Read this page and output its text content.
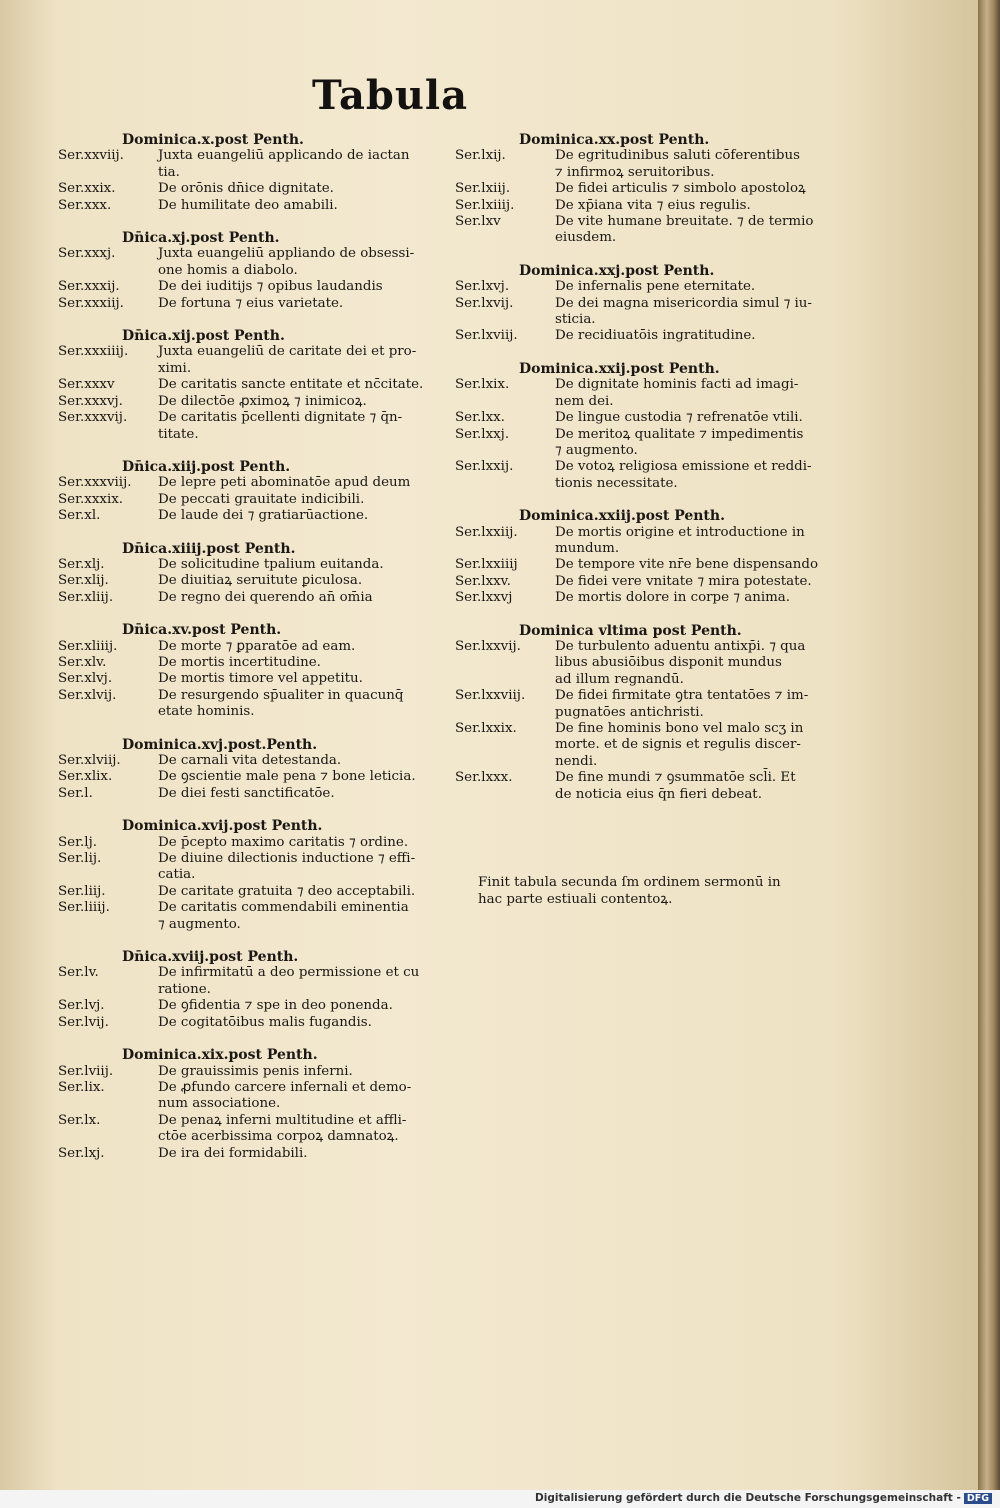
Tabula
Dominica.x.post Penth.
Ser.xxviij.	Juxta euangeliū applicando de iactan
tia.
Ser.xxix.	De orōnis dn̄ice dignitate.
Ser.xxx.	De humilitate deo amabili.
Dn̄ica.xj.post Penth.
Ser.xxxj.	Juxta euangeliū appliando de obsessi-
one homis a diabolo.
Ser.xxxij.	De dei iuditijs ⁊ opibus laudandis
Ser.xxxiij.	De fortuna ⁊ eius varietate.
Dn̄ica.xij.post Penth.
Ser.xxxiiij.	Juxta euangeliū de caritate dei et pro-
ximi.
Ser.xxxv	De caritatis sancte entitate et nc̄citate.
Ser.xxxvj.	De dilectōe ꝓximoꝝ ⁊ inimicoꝝ.
Ser.xxxvij.	De caritatis p̄cellenti dignitate ⁊ q̄n-
titate.
Dn̄ica.xiij.post Penth.
Ser.xxxviij.	De lepre peti abominatōe apud deum
Ser.xxxix.	De peccati grauitate indicibili.
Ser.xl.	De laude dei ⁊ gratiarūactione.
Dn̄ica.xiiij.post Penth.
Ser.xlj.	De solicitudine tpalium euitanda.
Ser.xlij.	De diuitiaꝝ seruitute ꝑiculosa.
Ser.xliij.	De regno dei querendo an̄ om̄ia
Dn̄ica.xv.post Penth.
Ser.xliiij.	De morte ⁊ ꝑparatōe ad eam.
Ser.xlv.	De mortis incertitudine.
Ser.xlvj.	De mortis timore vel appetitu.
Ser.xlvij.	De resurgendo sp̄ualiter in quacunq̄
etate hominis.
Dominica.xvj.post.Penth.
Ser.xlviij.	De carnali vita detestanda.
Ser.xlix.	De ꝯscientie male pena ⁊ bone leticia.
Ser.l.	De diei festi sanctificatōe.
Dominica.xvij.post Penth.
Ser.lj.	De p̄cepto maximo caritatis ⁊ ordine.
Ser.lij.	De diuine dilectionis inductione ⁊ effi-
catia.
Ser.liij.	De caritate gratuita ⁊ deo acceptabili.
Ser.liiij.	De caritatis commendabili eminentia
⁊ augmento.
Dn̄ica.xviij.post Penth.
Ser.lv.	De infirmitatū a deo permissione et cu
ratione.
Ser.lvj.	De ꝯfidentia ⁊ spe in deo ponenda.
Ser.lvij.	De cogitatōibus malis fugandis.
Dominica.xix.post Penth.
Ser.lviij.	De grauissimis penis inferni.
Ser.lix.	De ꝓfundo carcere infernali et demo-
num associatione.
Ser.lx.	De penaꝝ inferni multitudine et affli-
ctōe acerbissima corpoꝝ damnatoꝝ.
Ser.lxj.	De ira dei formidabili.
Dominica.xx.post Penth.
Ser.lxij.	De egritudinibus saluti cōferentibus
⁊ infirmoꝝ seruitoribus.
Ser.lxiij.	De fidei articulis ⁊ simbolo apostoloꝝ
Ser.lxiiij.	De xp̄iana vita ⁊ eius regulis.
Ser.lxv	De vite humane breuitate. ⁊ de termio
eiusdem.
Dominica.xxj.post Penth.
Ser.lxvj.	De infernalis pene eternitate.
Ser.lxvij.	De dei magna misericordia simul ⁊ iu-
sticia.
Ser.lxviij.	De recidiuatōis ingratitudine.
Dominica.xxij.post Penth.
Ser.lxix.	De dignitate hominis facti ad imagi-
nem dei.
Ser.lxx.	De lingue custodia ⁊ refrenatōe vtili.
Ser.lxxj.	De meritoꝝ qualitate ⁊ impedimentis
⁊ augmento.
Ser.lxxij.	De votoꝝ religiosa emissione et reddi-
tionis necessitate.
Dominica.xxiij.post Penth.
Ser.lxxiij.	De mortis origine et introductione in
mundum.
Ser.lxxiiij	De tempore vite nr̄e bene dispensando
Ser.lxxv.	De fidei vere vnitate ⁊ mira potestate.
Ser.lxxvj	De mortis dolore in corpe ⁊ anima.
Dominica vltima post Penth.
Ser.lxxvij.	De turbulento aduentu antixp̄i. ⁊ qua
libus abusiōibus disponit mundus
ad illum regnandū.
Ser.lxxviij.	De fidei firmitate ꝯtra tentatōes ⁊ im-
pugnatōes antichristi.
Ser.lxxix.	De fine hominis bono vel malo scʒ in
morte. et de signis et regulis discer-
nendi.
Ser.lxxx.	De fine mundi ⁊ ꝯsummatōe scl̄i. Et
de noticia eius q̄n fieri debeat.
Finit tabula secunda ſm ordinem sermonū in
hac parte estiuali contentoꝝ.
Digitalisierung gefördert durch die Deutsche Forschungsgemeinschaft - DFG
